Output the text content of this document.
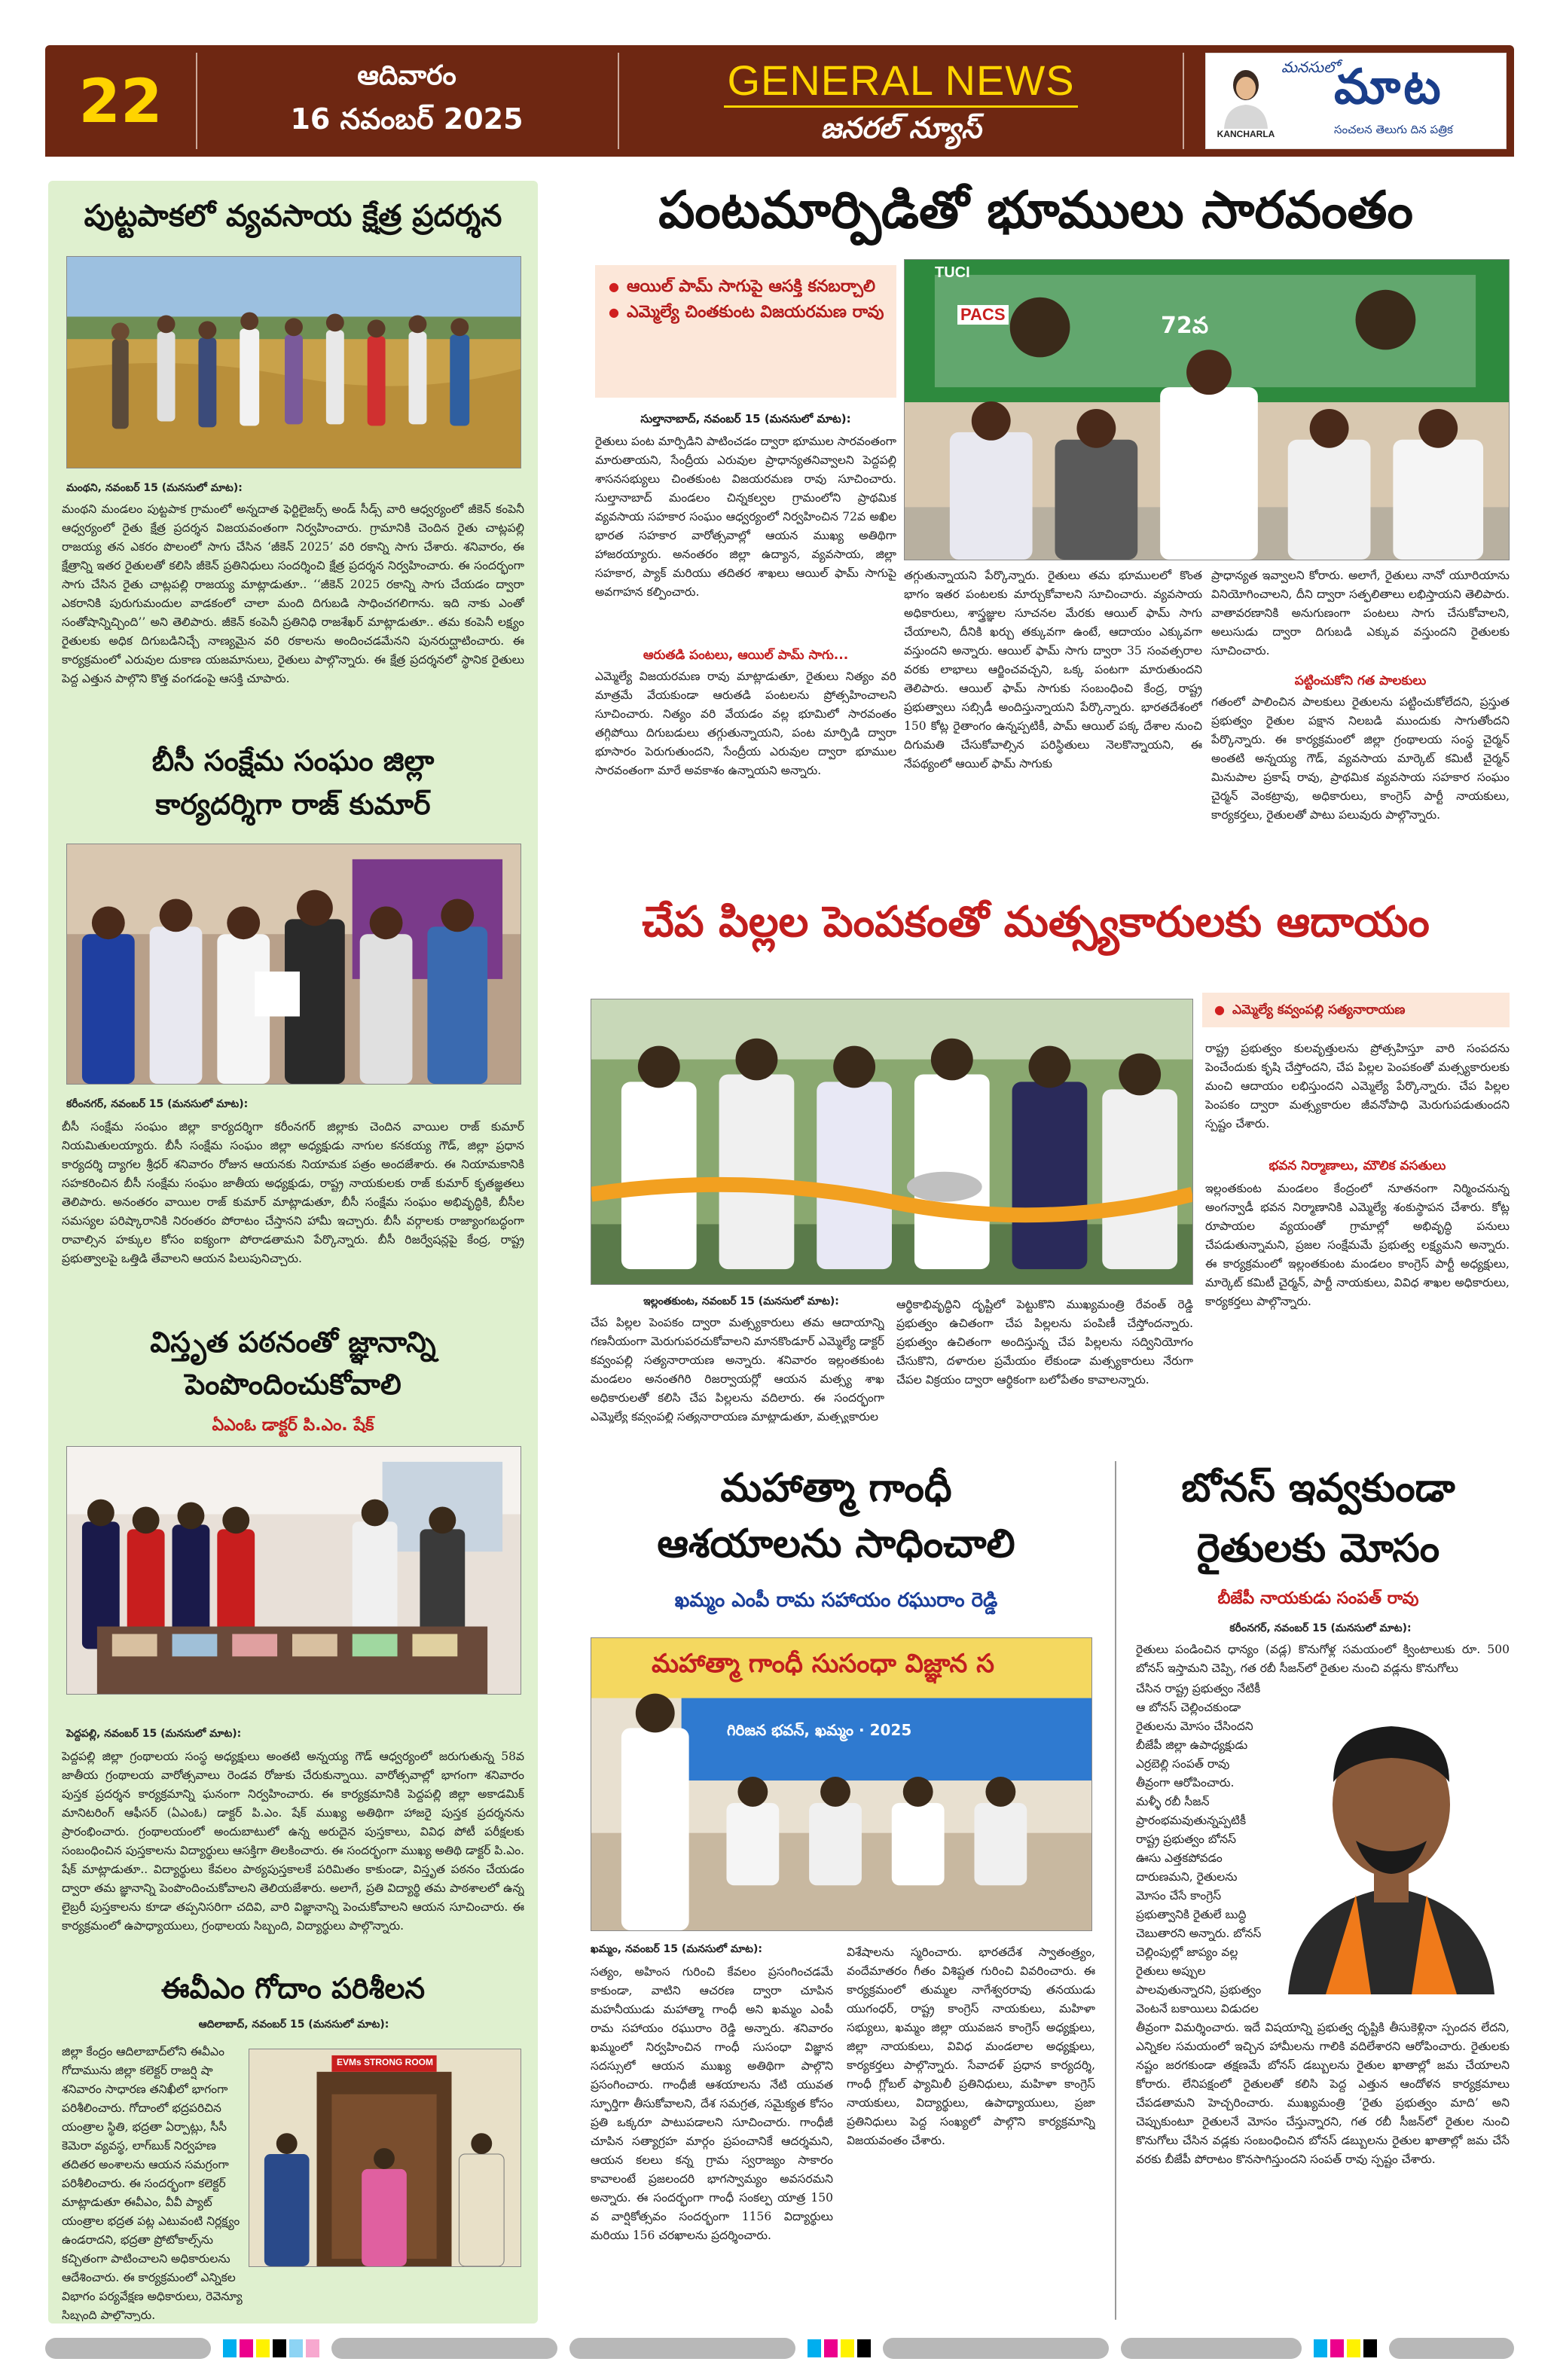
22	ఆదివారం
16 నవంబర్ 2025
GENERAL NEWS
జనరల్ న్యూస్	KANCHARLA
మనసులో
మాట
సంచలన తెలుగు దిన పత్రిక
పుట్టపాకలో వ్యవసాయ క్షేత్ర ప్రదర్శన
మంథని, నవంబర్ 15 (మనసులో మాట):
మంథని మండలం పుట్టపాక గ్రామంలో అన్నదాత ఫెర్టిలైజర్స్ అండ్ సీడ్స్ వారి ఆధ్వర్యంలో జీకెన్ కంపెనీ ఆధ్వర్యంలో రైతు క్షేత్ర ప్రదర్శన విజయవంతంగా నిర్వహించారు. గ్రామానికి చెందిన రైతు చాట్లపల్లి రాజయ్య తన ఎకరం పొలంలో సాగు చేసిన ‘జీకెన్ 2025’ వరి రకాన్ని సాగు చేశారు. శనివారం, ఈ క్షేత్రాన్ని ఇతర రైతులతో కలిసి జీకెన్ ప్రతినిధులు సందర్శించి క్షేత్ర ప్రదర్శన నిర్వహించారు. ఈ సందర్భంగా సాగు చేసిన రైతు చాట్లపల్లి రాజయ్య మాట్లాడుతూ.. ‘‘జీకెన్ 2025 రకాన్ని సాగు చేయడం ద్వారా ఎకరానికి పురుగుమందుల వాడకంలో చాలా మంది దిగుబడి సాధించగలిగాను. ఇది నాకు ఎంతో సంతోషాన్నిచ్చింది’’ అని తెలిపారు. జీకెన్ కంపెనీ ప్రతినిధి రాజశేఖర్ మాట్లాడుతూ.. తమ కంపెనీ లక్ష్యం రైతులకు అధిక దిగుబడినిచ్చే నాణ్యమైన వరి రకాలను అందించడమేనని పునరుద్ఘాటించారు. ఈ కార్యక్రమంలో ఎరువుల దుకాణ యజమానులు, రైతులు పాల్గొన్నారు. ఈ క్షేత్ర ప్రదర్శనలో స్థానిక రైతులు పెద్ద ఎత్తున పాల్గొని కొత్త వంగడంపై ఆసక్తి చూపారు.
బీసీ సంక్షేమ సంఘం జిల్లా
కార్యదర్శిగా రాజ్ కుమార్
కరీంనగర్, నవంబర్ 15 (మనసులో మాట):
బీసీ సంక్షేమ సంఘం జిల్లా కార్యదర్శిగా కరీంనగర్ జిల్లాకు చెందిన వాయిల రాజ్ కుమార్ నియమితులయ్యారు. బీసీ సంక్షేమ సంఘం జిల్లా అధ్యక్షుడు నాగుల కనకయ్య గౌడ్, జిల్లా ప్రధాన కార్యదర్శి ద్యాగల శ్రీధర్ శనివారం రోజున ఆయనకు నియామక పత్రం అందజేశారు. ఈ నియామకానికి సహకరించిన బీసీ సంక్షేమ సంఘం జాతీయ అధ్యక్షుడు, రాష్ట్ర నాయకులకు రాజ్ కుమార్ కృతజ్ఞతలు తెలిపారు. అనంతరం వాయిల రాజ్ కుమార్ మాట్లాడుతూ, బీసీ సంక్షేమ సంఘం అభివృద్ధికి, బీసీల సమస్యల పరిష్కారానికి నిరంతరం పోరాటం చేస్తానని హామీ ఇచ్చారు. బీసీ వర్గాలకు రాజ్యాంగబద్ధంగా రావాల్సిన హక్కుల కోసం ఐక్యంగా పోరాడతామని పేర్కొన్నారు. బీసీ రిజర్వేషన్లపై కేంద్ర, రాష్ట్ర ప్రభుత్వాలపై ఒత్తిడి తేవాలని ఆయన పిలుపునిచ్చారు.
విస్తృత పఠనంతో జ్ఞానాన్ని
పెంపొందించుకోవాలి
ఏఎంఓ డాక్టర్ పి.ఎం. షేక్
పెద్దపల్లి, నవంబర్ 15 (మనసులో మాట):
పెద్దపల్లి జిల్లా గ్రంథాలయ సంస్థ అధ్యక్షులు అంతటి అన్నయ్య గౌడ్ ఆధ్వర్యంలో జరుగుతున్న 58వ జాతీయ గ్రంథాలయ వారోత్సవాలు రెండవ రోజుకు చేరుకున్నాయి. వారోత్సవాల్లో భాగంగా శనివారం పుస్తక ప్రదర్శన కార్యక్రమాన్ని ఘనంగా నిర్వహించారు. ఈ కార్యక్రమానికి పెద్దపల్లి జిల్లా అకాడమిక్ మానిటరింగ్ ఆఫీసర్ (ఏఎంఓ) డాక్టర్ పి.ఎం. షేక్ ముఖ్య అతిథిగా హాజరై పుస్తక ప్రదర్శనను ప్రారంభించారు. గ్రంథాలయంలో అందుబాటులో ఉన్న అరుదైన పుస్తకాలు, వివిధ పోటీ పరీక్షలకు సంబంధించిన పుస్తకాలను విద్యార్థులు ఆసక్తిగా తిలకించారు. ఈ సందర్భంగా ముఖ్య అతిథి డాక్టర్ పి.ఎం. షేక్ మాట్లాడుతూ.. విద్యార్థులు కేవలం పాఠ్యపుస్తకాలకే పరిమితం కాకుండా, విస్తృత పఠనం చేయడం ద్వారా తమ జ్ఞానాన్ని పెంపొందించుకోవాలని తెలియజేశారు. అలాగే, ప్రతి విద్యార్థి తమ పాఠశాలలో ఉన్న లైబ్రరీ పుస్తకాలను కూడా తప్పనిసరిగా చదివి, వారి విజ్ఞానాన్ని పెంచుకోవాలని ఆయన సూచించారు. ఈ కార్యక్రమంలో ఉపాధ్యాయులు, గ్రంథాలయ సిబ్బంది, విద్యార్థులు పాల్గొన్నారు.
ఈవీఎం గోదాం పరిశీలన
ఆదిలాబాద్, నవంబర్ 15 (మనసులో మాట):
జిల్లా కేంద్రం ఆదిలాబాద్‌లోని ఈవీఎం గోదామును జిల్లా కలెక్టర్ రాజర్షి షా శనివారం సాధారణ తనిఖీలో భాగంగా పరిశీలించారు. గోదాంలో భద్రపరిచిన యంత్రాల స్థితి, భద్రతా ఏర్పాట్లు, సీసీ కెమెరా వ్యవస్థ, లాగ్‌బుక్ నిర్వహణ తదితర అంశాలను ఆయన సమగ్రంగా పరిశీలించారు. ఈ సందర్భంగా కలెక్టర్ మాట్లాడుతూ ఈవీఎం, వీవీ ప్యాట్ యంత్రాల భద్రత పట్ల ఎటువంటి నిర్లక్ష్యం ఉండరాదని, భద్రతా ప్రోటోకాల్స్‌ను కచ్చితంగా పాటించాలని అధికారులను ఆదేశించారు. ఈ కార్యక్రమంలో ఎన్నికల విభాగం పర్యవేక్షణ అధికారులు, రెవెన్యూ సిబ్బంది పాల్గొన్నారు.
EVMs STRONG ROOM
పంటమార్పిడితో భూములు సారవంతం
● ఆయిల్ పామ్ సాగుపై ఆసక్తి కనబర్చాలి
● ఎమ్మెల్యే చింతకుంట విజయరమణ రావు
TUCI
PACS	72వ
సుల్తానాబాద్, నవంబర్ 15 (మనసులో మాట):
రైతులు పంట మార్పిడిని పాటించడం ద్వారా భూముల సారవంతంగా మారుతాయని, సేంద్రీయ ఎరువుల ప్రాధాన్యతనివ్వాలని పెద్దపల్లి శాసనసభ్యులు చింతకుంట విజయరమణ రావు సూచించారు. సుల్తానాబాద్ మండలం చిన్నకల్వల గ్రామంలోని ప్రాథమిక వ్యవసాయ సహకార సంఘం ఆధ్వర్యంలో నిర్వహించిన 72వ అఖిల భారత సహకార వారోత్సవాల్లో ఆయన ముఖ్య అతిథిగా హాజరయ్యారు. అనంతరం జిల్లా ఉద్యాన, వ్యవసాయ, జిల్లా సహకార, ప్యాక్ మరియు తదితర శాఖలు ఆయిల్ ఫామ్ సాగుపై అవగాహన కల్పించారు.
ఆరుతడి పంటలు, ఆయిల్ పామ్ సాగు...
ఎమ్మెల్యే విజయరమణ రావు మాట్లాడుతూ, రైతులు నిత్యం వరి మాత్రమే వేయకుండా ఆరుతడి పంటలను ప్రోత్సహించాలని సూచించారు. నిత్యం వరి వేయడం వల్ల భూమిలో సారవంతం తగ్గిపోయి దిగుబడులు తగ్గుతున్నాయని, పంట మార్పిడి ద్వారా భూసారం పెరుగుతుందని, సేంద్రీయ ఎరువుల ద్వారా భూముల సారవంతంగా మారే అవకాశం ఉన్నాయని అన్నారు.
తగ్గుతున్నాయని పేర్కొన్నారు. రైతులు తమ భూములలో కొంత భాగం ఇతర పంటలకు మార్చుకోవాలని సూచించారు. వ్యవసాయ అధికారులు, శాస్త్రజ్ఞుల సూచనల మేరకు ఆయిల్ ఫామ్ సాగు చేయాలని, దీనికి ఖర్చు తక్కువగా ఉంటే, ఆదాయం ఎక్కువగా వస్తుందని అన్నారు. ఆయిల్ ఫామ్ సాగు ద్వారా 35 సంవత్సరాల వరకు లాభాలు ఆర్జించవచ్చని, ఒక్క పంటగా మారుతుందని తెలిపారు. ఆయిల్ ఫామ్ సాగుకు సంబంధించి కేంద్ర, రాష్ట్ర ప్రభుత్వాలు సబ్సిడీ అందిస్తున్నాయని పేర్కొన్నారు. భారతదేశంలో 150 కోట్ల రైతాంగం ఉన్నప్పటికీ, పామ్ ఆయిల్ పక్క దేశాల నుంచి దిగుమతి చేసుకోవాల్సిన పరిస్థితులు నెలకొన్నాయని, ఈ నేపథ్యంలో ఆయిల్ ఫామ్ సాగుకు
ప్రాధాన్యత ఇవ్వాలని కోరారు. అలాగే, రైతులు నానో యూరియాను వినియోగించాలని, దీని ద్వారా సత్ఫలితాలు లభిస్తాయని తెలిపారు. వాతావరణానికి అనుగుణంగా పంటలు సాగు చేసుకోవాలని, అలుసుడు ద్వారా దిగుబడి ఎక్కువ వస్తుందని రైతులకు సూచించారు.
పట్టించుకోని గత పాలకులు
గతంలో పాలించిన పాలకులు రైతులను పట్టించుకోలేదని, ప్రస్తుత ప్రభుత్వం రైతుల పక్షాన నిలబడి ముందుకు సాగుతోందని పేర్కొన్నారు. ఈ కార్యక్రమంలో జిల్లా గ్రంథాలయ సంస్థ చైర్మన్ అంతటి అన్నయ్య గౌడ్, వ్యవసాయ మార్కెట్ కమిటీ చైర్మన్ మినుపాల ప్రకాష్ రావు, ప్రాథమిక వ్యవసాయ సహకార సంఘం చైర్మన్ వెంకట్రావు, అధికారులు, కాంగ్రెస్ పార్టీ నాయకులు, కార్యకర్తలు, రైతులతో పాటు పలువురు పాల్గొన్నారు.
చేప పిల్లల పెంపకంతో మత్స్యకారులకు ఆదాయం
● ఎమ్మెల్యే కవ్వంపల్లి సత్యనారాయణ
రాష్ట్ర ప్రభుత్వం కులవృత్తులను ప్రోత్సహిస్తూ వారి సంపదను పెంచేందుకు కృషి చేస్తోందని, చేప పిల్లల పెంపకంతో మత్స్యకారులకు మంచి ఆదాయం లభిస్తుందని ఎమ్మెల్యే పేర్కొన్నారు. చేప పిల్లల పెంపకం ద్వారా మత్స్యకారుల జీవనోపాధి మెరుగుపడుతుందని స్పష్టం చేశారు.
భవన నిర్మాణాలు, మౌలిక వసతులు
ఇల్లంతకుంట మండలం కేంద్రంలో నూతనంగా నిర్మించనున్న అంగన్వాడీ భవన నిర్మాణానికి ఎమ్మెల్యే శంకుస్థాపన చేశారు. కోట్ల రూపాయల వ్యయంతో గ్రామాల్లో అభివృద్ధి పనులు చేపడుతున్నామని, ప్రజల సంక్షేమమే ప్రభుత్వ లక్ష్యమని అన్నారు. ఈ కార్యక్రమంలో ఇల్లంతకుంట మండలం కాంగ్రెస్ పార్టీ అధ్యక్షులు, మార్కెట్ కమిటీ చైర్మన్, పార్టీ నాయకులు, వివిధ శాఖల అధికారులు, కార్యకర్తలు పాల్గొన్నారు.
ఇల్లంతకుంట, నవంబర్ 15 (మనసులో మాట):
చేప పిల్లల పెంపకం ద్వారా మత్స్యకారులు తమ ఆదాయాన్ని గణనీయంగా మెరుగుపరచుకోవాలని మానకొండూర్ ఎమ్మెల్యే డాక్టర్ కవ్వంపల్లి సత్యనారాయణ అన్నారు. శనివారం ఇల్లంతకుంట మండలం అనంతగిరి రిజర్వాయర్లో ఆయన మత్స్య శాఖ అధికారులతో కలిసి చేప పిల్లలను వదిలారు. ఈ సందర్భంగా ఎమ్మెల్యే కవ్వంపల్లి సత్యనారాయణ మాట్లాడుతూ, మత్స్యకారుల
ఆర్థికాభివృద్ధిని దృష్టిలో పెట్టుకొని ముఖ్యమంత్రి రేవంత్ రెడ్డి ప్రభుత్వం ఉచితంగా చేప పిల్లలను పంపిణీ చేస్తోందన్నారు. ప్రభుత్వం ఉచితంగా అందిస్తున్న చేప పిల్లలను సద్వినియోగం చేసుకొని, దళారుల ప్రమేయం లేకుండా మత్స్యకారులు నేరుగా చేపల విక్రయం ద్వారా ఆర్థికంగా బలోపేతం కావాలన్నారు.
మహాత్మా గాంధీ
ఆశయాలను సాధించాలి
ఖమ్మం ఎంపీ రామ సహాయం రఘురాం రెడ్డి
మహాత్మా గాంధీ సుసంధా విజ్ఞాన స
గిరిజన భవన్, ఖమ్మం · 2025
ఖమ్మం, నవంబర్ 15 (మనసులో మాట):
సత్యం, అహింస గురించి కేవలం ప్రసంగించడమే కాకుండా, వాటిని ఆచరణ ద్వారా చూపిన మహనీయుడు మహాత్మా గాంధీ అని ఖమ్మం ఎంపీ రామ సహాయం రఘురాం రెడ్డి అన్నారు. శనివారం ఖమ్మంలో నిర్వహించిన గాంధీ సుసంధా విజ్ఞాన సదస్సులో ఆయన ముఖ్య అతిథిగా పాల్గొని ప్రసంగించారు. గాంధీజీ ఆశయాలను నేటి యువత స్ఫూర్తిగా తీసుకోవాలని, దేశ సమగ్రత, సమైక్యత కోసం ప్రతి ఒక్కరూ పాటుపడాలని సూచించారు. గాంధీజీ చూపిన సత్యాగ్రహ మార్గం ప్రపంచానికే ఆదర్శమని, ఆయన కలలు కన్న గ్రామ స్వరాజ్యం సాకారం కావాలంటే ప్రజలందరి భాగస్వామ్యం అవసరమని అన్నారు. ఈ సందర్భంగా గాంధీ సంకల్ప యాత్ర 150 వ వార్షికోత్సవం సందర్భంగా 1156 విద్యార్థులు మరియు 156 చరఖాలను ప్రదర్శించారు.
విశేషాలను స్మరించారు. భారతదేశ స్వాతంత్ర్యం, వందేమాతరం గీతం విశిష్టత గురించి వివరించారు. ఈ కార్యక్రమంలో తుమ్మల నాగేశ్వరరావు తనయుడు యుగంధర్, రాష్ట్ర కాంగ్రెస్ నాయకులు, మహిళా సభ్యులు, ఖమ్మం జిల్లా యువజన కాంగ్రెస్ అధ్యక్షులు, జిల్లా నాయకులు, వివిధ మండలాల అధ్యక్షులు, కార్యకర్తలు పాల్గొన్నారు. సేవాదళ్ ప్రధాన కార్యదర్శి, గాంధీ గ్లోబల్ ఫ్యామిలీ ప్రతినిధులు, మహిళా కాంగ్రెస్ నాయకులు, విద్యార్థులు, ఉపాధ్యాయులు, ప్రజా ప్రతినిధులు పెద్ద సంఖ్యలో పాల్గొని కార్యక్రమాన్ని విజయవంతం చేశారు.
బోనస్ ఇవ్వకుండా
రైతులకు మోసం
బీజేపీ నాయకుడు సంపత్ రావు
కరీంనగర్, నవంబర్ 15 (మనసులో మాట):
రైతులు పండించిన ధాన్యం (వడ్ల) కొనుగోళ్ల సమయంలో క్వింటాలుకు రూ. 500 బోనస్ ఇస్తామని చెప్పి, గత రబీ సీజన్‌లో రైతుల నుంచి వడ్లను కొనుగోలు
చేసిన రాష్ట్ర ప్రభుత్వం నేటికీ ఆ బోనస్ చెల్లించకుండా రైతులను మోసం చేసిందని బీజేపీ జిల్లా ఉపాధ్యక్షుడు ఎర్రబెల్లి సంపత్ రావు తీవ్రంగా ఆరోపించారు. మళ్ళీ రబీ సీజన్ ప్రారంభమవుతున్నప్పటికీ రాష్ట్ర ప్రభుత్వం బోనస్ ఊసు ఎత్తకపోవడం దారుణమని, రైతులను మోసం చేసే కాంగ్రెస్ ప్రభుత్వానికి రైతులే బుద్ధి చెబుతారని అన్నారు. బోనస్ చెల్లింపుల్లో జాప్యం వల్ల రైతులు అప్పుల పాలవుతున్నారని, ప్రభుత్వం వెంటనే బకాయిలు విడుదల
తీవ్రంగా విమర్శించారు. ఇదే విషయాన్ని ప్రభుత్వ దృష్టికి తీసుకెళ్లినా స్పందన లేదని, ఎన్నికల సమయంలో ఇచ్చిన హామీలను గాలికి వదిలేశారని ఆరోపించారు. రైతులకు నష్టం జరగకుండా తక్షణమే బోనస్ డబ్బులను రైతుల ఖాతాల్లో జమ చేయాలని కోరారు. లేనిపక్షంలో రైతులతో కలిసి పెద్ద ఎత్తున ఆందోళన కార్యక్రమాలు చేపడతామని హెచ్చరించారు. ముఖ్యమంత్రి ‘రైతు ప్రభుత్వం మాది’ అని చెప్పుకుంటూ రైతులనే మోసం చేస్తున్నారని, గత రబీ సీజన్‌లో రైతుల నుంచి కొనుగోలు చేసిన వడ్లకు సంబంధించిన బోనస్ డబ్బులను రైతుల ఖాతాల్లో జమ చేసే వరకు బీజేపీ పోరాటం కొనసాగిస్తుందని సంపత్ రావు స్పష్టం చేశారు.
